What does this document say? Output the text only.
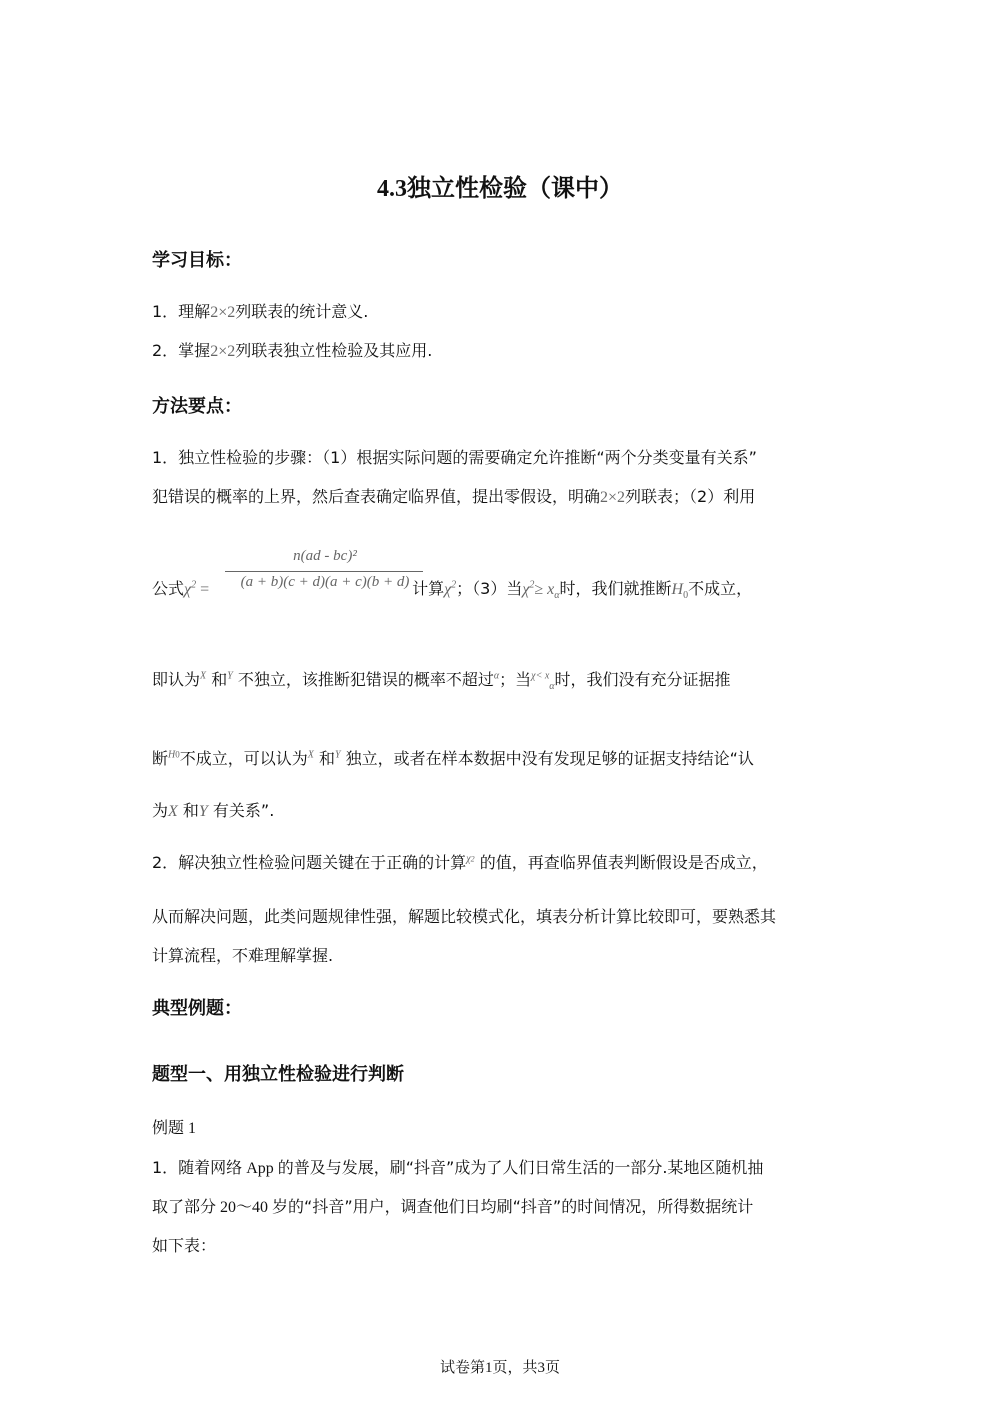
4.3独立性检验（课中）
学习目标：
1．理解2×2列联表的统计意义.
2．掌握2×2列联表独立性检验及其应用.
方法要点：
1．独立性检验的步骤：（1）根据实际问题的需要确定允许推断“两个分类变量有关系”
犯错误的概率的上界，然后查表确定临界值，提出零假设，明确2×2列联表；（2）利用
n(ad - bc)²
(a + b)(c + d)(a + c)(b + d)
公式$\chi^2$ =	计算$\chi^2$；（3）当$\chi^2\ge x_\alpha$时，我们就推断$H_0$不成立，
即认为$^X$ 和$^Y$ 不独立，该推断犯错误的概率不超过$^\alpha$；当$^{\chi< x}_\alpha$时，我们没有充分证据推
断$^{H0}$不成立，可以认为$^X$ 和$^Y$ 独立，或者在样本数据中没有发现足够的证据支持结论“认
为X 和Y 有关系”.
2．解决独立性检验问题关键在于正确的计算$^{\chi 2}$ 的值，再查临界值表判断假设是否成立，
从而解决问题，此类问题规律性强，解题比较模式化，填表分析计算比较即可，要熟悉其
计算流程，不难理解掌握.
典型例题：
题型一、用独立性检验进行判断
例题 1
1．随着网络 App 的普及与发展，刷“抖音”成为了人们日常生活的一部分.某地区随机抽
取了部分 20～40 岁的“抖音”用户，调查他们日均刷“抖音”的时间情况，所得数据统计
如下表：
试卷第1页，共3页
